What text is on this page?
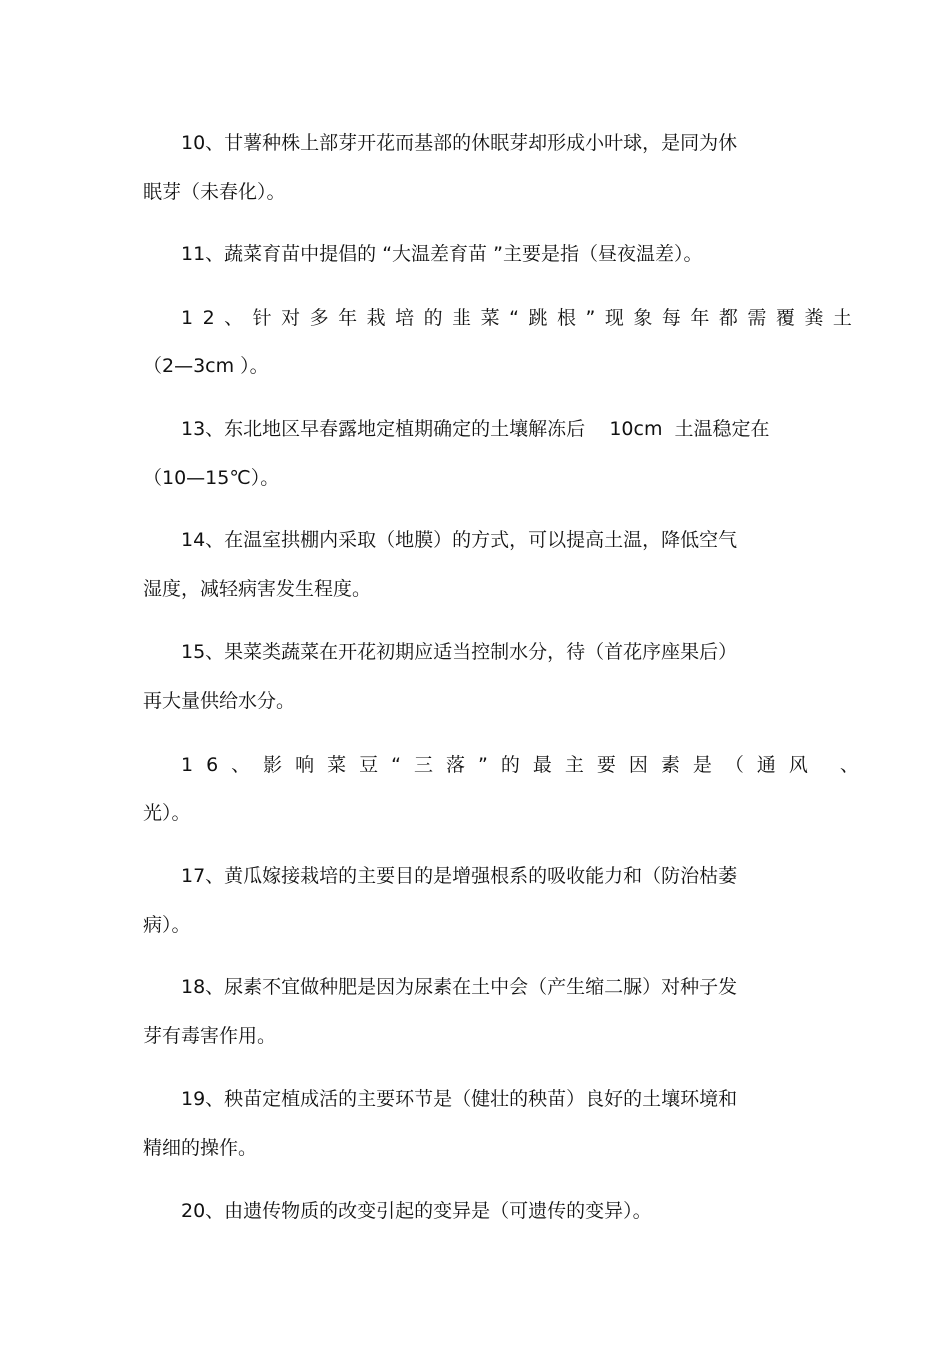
10、甘薯种株上部芽开花而基部的休眠芽却形成小叶球，是同为休

眠芽（未春化）。

11、蔬菜育苗中提倡的 “大温差育苗 ”主要是指（昼夜温差）。

12、针对多年栽培的韭菜“跳根”现象每年都需覆粪土

（2—3cm ）。

13、东北地区早春露地定植期确定的土壤解冻后    10cm  土温稳定在

（10—15℃）。

14、在温室拱棚内采取（地膜）的方式，可以提高土温，降低空气

湿度，减轻病害发生程度。

15、果菜类蔬菜在开花初期应适当控制水分，待（首花序座果后）

再大量供给水分。

16、影响菜豆“三落”的最主要因素是（通风 、

光）。

17、黄瓜嫁接栽培的主要目的是增强根系的吸收能力和（防治枯萎

病）。

18、尿素不宜做种肥是因为尿素在土中会（产生缩二脲）对种子发

芽有毒害作用。

19、秧苗定植成活的主要环节是（健壮的秧苗）良好的土壤环境和

精细的操作。

20、由遗传物质的改变引起的变异是（可遗传的变异）。
